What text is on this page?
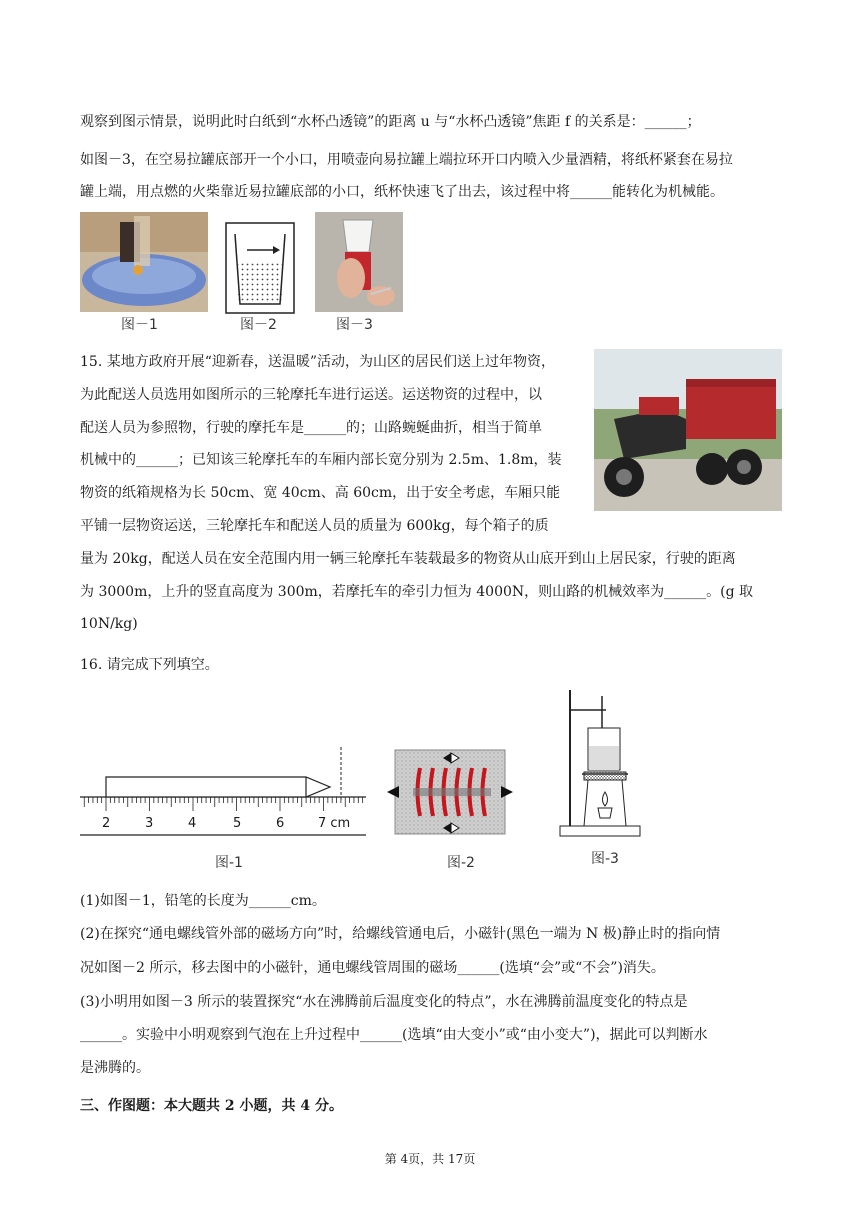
观察到图示情景，说明此时白纸到“水杯凸透镜”的距离 u 与“水杯凸透镜”焦距 f 的关系是：______；
如图－3，在空易拉罐底部开一个小口，用喷壶向易拉罐上端拉环开口内喷入少量酒精，将纸杯紧套在易拉
罐上端，用点燃的火柴靠近易拉罐底部的小口，纸杯快速飞了出去，该过程中将______能转化为机械能。
图－1	图－2	图－3
15. 某地方政府开展“迎新春，送温暖”活动，为山区的居民们送上过年物资，
为此配送人员选用如图所示的三轮摩托车进行运送。运送物资的过程中，以
配送人员为参照物，行驶的摩托车是______的；山路蜿蜒曲折，相当于简单
机械中的______；已知该三轮摩托车的车厢内部长宽分别为 2.5m、1.8m，装
物资的纸箱规格为长 50cm、宽 40cm、高 60cm，出于安全考虑，车厢只能
平铺一层物资运送，三轮摩托车和配送人员的质量为 600kg，每个箱子的质
量为 20kg，配送人员在安全范围内用一辆三轮摩托车装载最多的物资从山底开到山上居民家，行驶的距离
为 3000m，上升的竖直高度为 300m，若摩托车的牵引力恒为 4000N，则山路的机械效率为______。(g 取
10N/kg)
16. 请完成下列填空。
2	3	4	5	6	7 cm
图-1	图-2	图-3
(1)如图－1，铅笔的长度为______cm。
(2)在探究“通电螺线管外部的磁场方向”时，给螺线管通电后，小磁针(黑色一端为 N 极)静止时的指向情
况如图－2 所示，移去图中的小磁针，通电螺线管周围的磁场______(选填“会”或“不会”)消失。
(3)小明用如图－3 所示的装置探究“水在沸腾前后温度变化的特点”，水在沸腾前温度变化的特点是
______。实验中小明观察到气泡在上升过程中______(选填“由大变小”或“由小变大”)，据此可以判断水
是沸腾的。
三、作图题：本大题共 2 小题，共 4 分。
第 4页，共 17页
